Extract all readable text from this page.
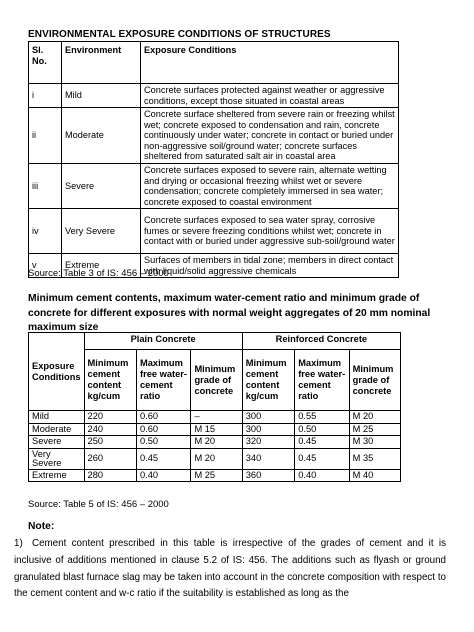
ENVIRONMENTAL EXPOSURE CONDITIONS OF STRUCTURES
Sl. No.	Environment	Exposure Conditions
i	Mild	Concrete surfaces protected against weather or aggressive conditions, except those situated in coastal areas
ii	Moderate	Concrete surface sheltered from severe rain or freezing whilst wet; concrete exposed to condensation and rain, concrete continuously under water; concrete in contact or buried under non-aggressive soil/ground water; concrete surfaces sheltered from saturated salt air in coastal area
iii	Severe	Concrete surfaces exposed to severe rain, alternate wetting and drying or occasional freezing whilst wet or severe condensation; concrete completely immersed in sea water; concrete exposed to coastal environment
iv	Very Severe	Concrete surfaces exposed to sea water spray, corrosive fumes or severe freezing conditions whilst wet; concrete in contact with or buried under aggressive sub-soil/ground water
v	Extreme	Surfaces of members in tidal zone; members in direct contact with liquid/solid aggressive chemicals
Source: Table 3 of IS: 456 – 2000
Minimum cement contents, maximum water-cement ratio and minimum grade of concrete for different exposures with normal weight aggregates of 20 mm nominal maximum size
Exposure Conditions	Plain Concrete			Reinforced Concrete		
	Minimum cement content kg/cum	Maximum free water-cement ratio	Minimum grade of concrete	Minimum cement content kg/cum	Maximum free water-cement ratio	Minimum grade of concrete
Mild	220	0.60	–	300	0.55	M 20
Moderate	240	0.60	M 15	300	0.50	M 25
Severe	250	0.50	M 20	320	0.45	M 30
Very Severe	260	0.45	M 20	340	0.45	M 35
Extreme	280	0.40	M 25	360	0.40	M 40
Source: Table 5 of IS: 456 – 2000
Note:
1) Cement content prescribed in this table is irrespective of the grades of cement and it is inclusive of additions mentioned in clause 5.2 of IS: 456. The additions such as flyash or ground granulated blast furnace slag may be taken into account in the concrete composition with respect to the cement content and w-c ratio if the suitability is established as long as the
